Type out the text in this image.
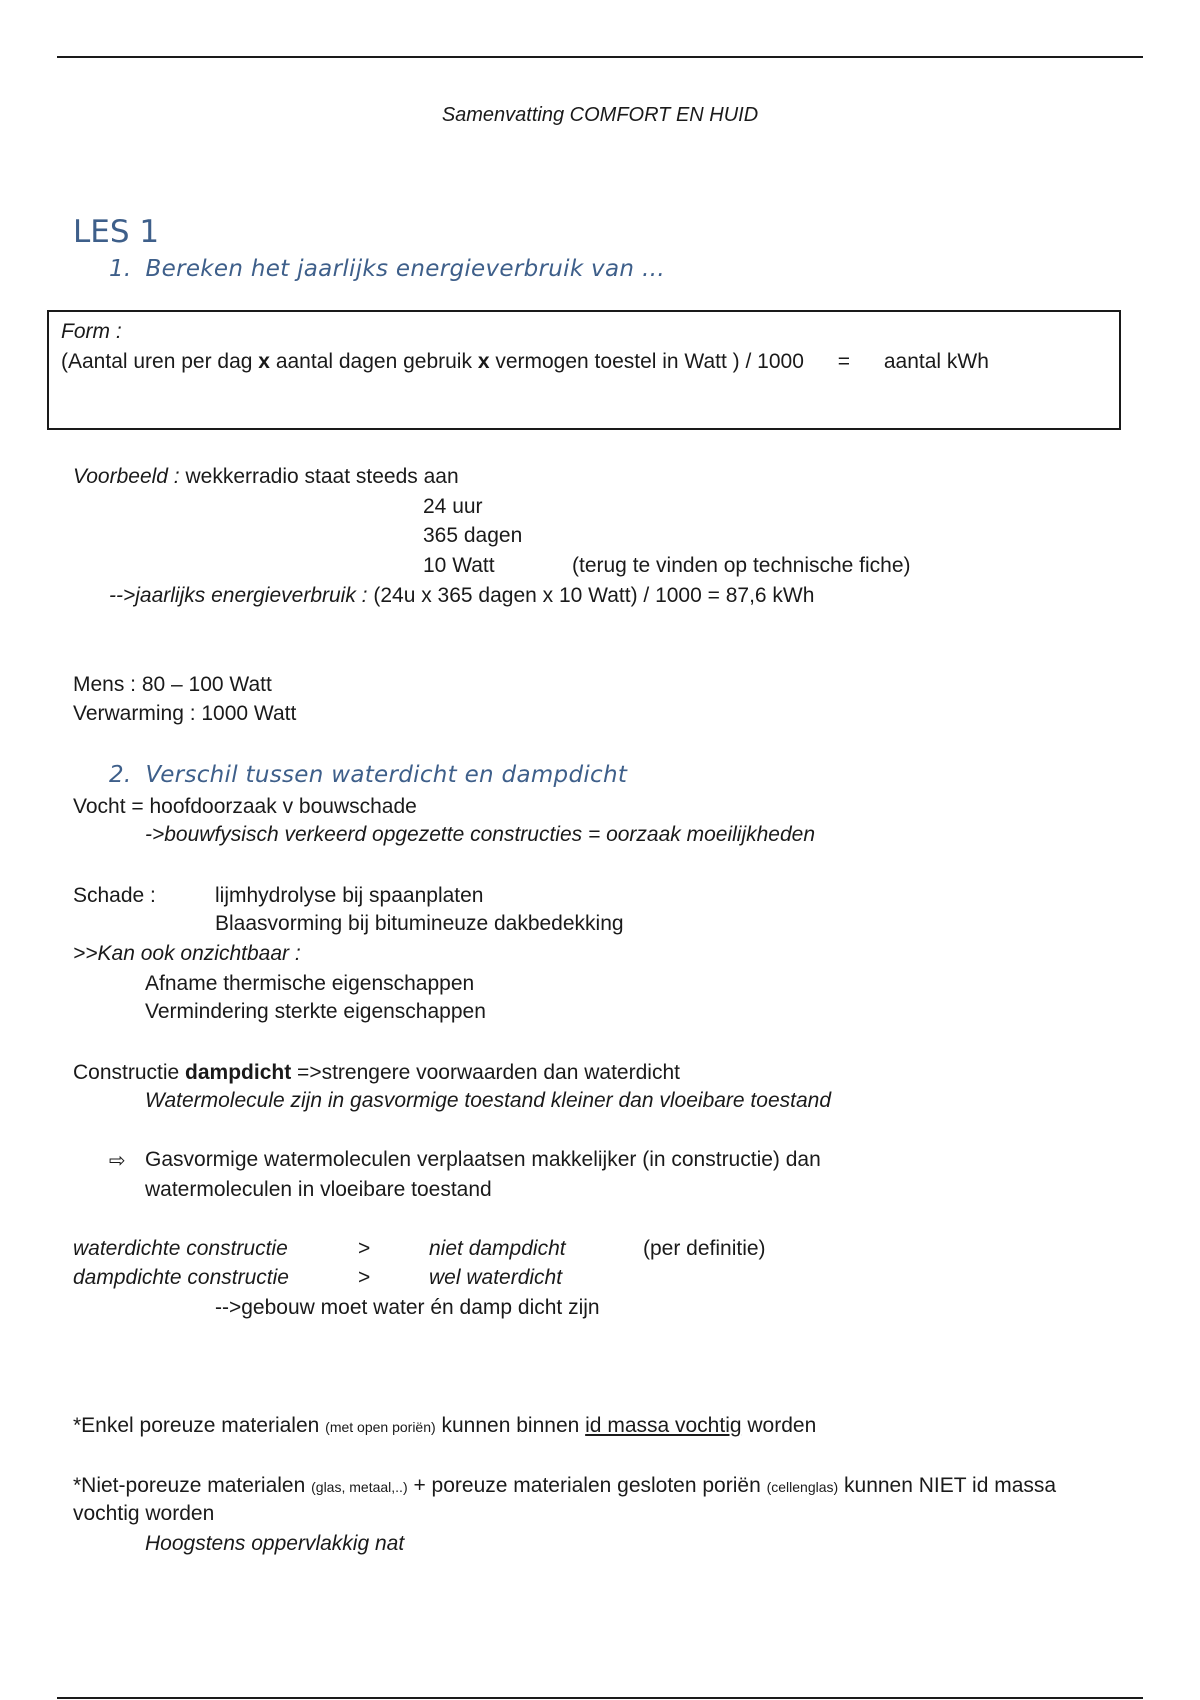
Samenvatting COMFORT EN HUID
LES 1
1. Bereken het jaarlijks energieverbruik van …
Form :
(Aantal uren per dag x aantal dagen gebruik x vermogen toestel in Watt ) / 1000 = aantal kWh
Voorbeeld : wekkerradio staat steeds aan
24 uur
365 dagen
10 Watt	(terug te vinden op technische fiche)
-->jaarlijks energieverbruik : (24u x 365 dagen x 10 Watt) / 1000 = 87,6 kWh
Mens : 80 – 100 Watt
Verwarming : 1000 Watt
2. Verschil tussen waterdicht en dampdicht
Vocht = hoofdoorzaak v bouwschade
->bouwfysisch verkeerd opgezette constructies = oorzaak moeilijkheden
Schade :	lijmhydrolyse bij spaanplaten
Blaasvorming bij bitumineuze dakbedekking
>>Kan ook onzichtbaar :
Afname thermische eigenschappen
Vermindering sterkte eigenschappen
Constructie dampdicht =>strengere voorwaarden dan waterdicht
Watermolecule zijn in gasvormige toestand kleiner dan vloeibare toestand
⇨ Gasvormige watermoleculen verplaatsen makkelijker (in constructie) dan
watermoleculen in vloeibare toestand
waterdichte constructie	>	niet dampdicht	(per definitie)
dampdichte constructie	>	wel waterdicht
-->gebouw moet water én damp dicht zijn
*Enkel poreuze materialen (met open poriën) kunnen binnen id massa vochtig worden
*Niet-poreuze materialen (glas, metaal,..) + poreuze materialen gesloten poriën (cellenglas) kunnen NIET id massa
vochtig worden
Hoogstens oppervlakkig nat
